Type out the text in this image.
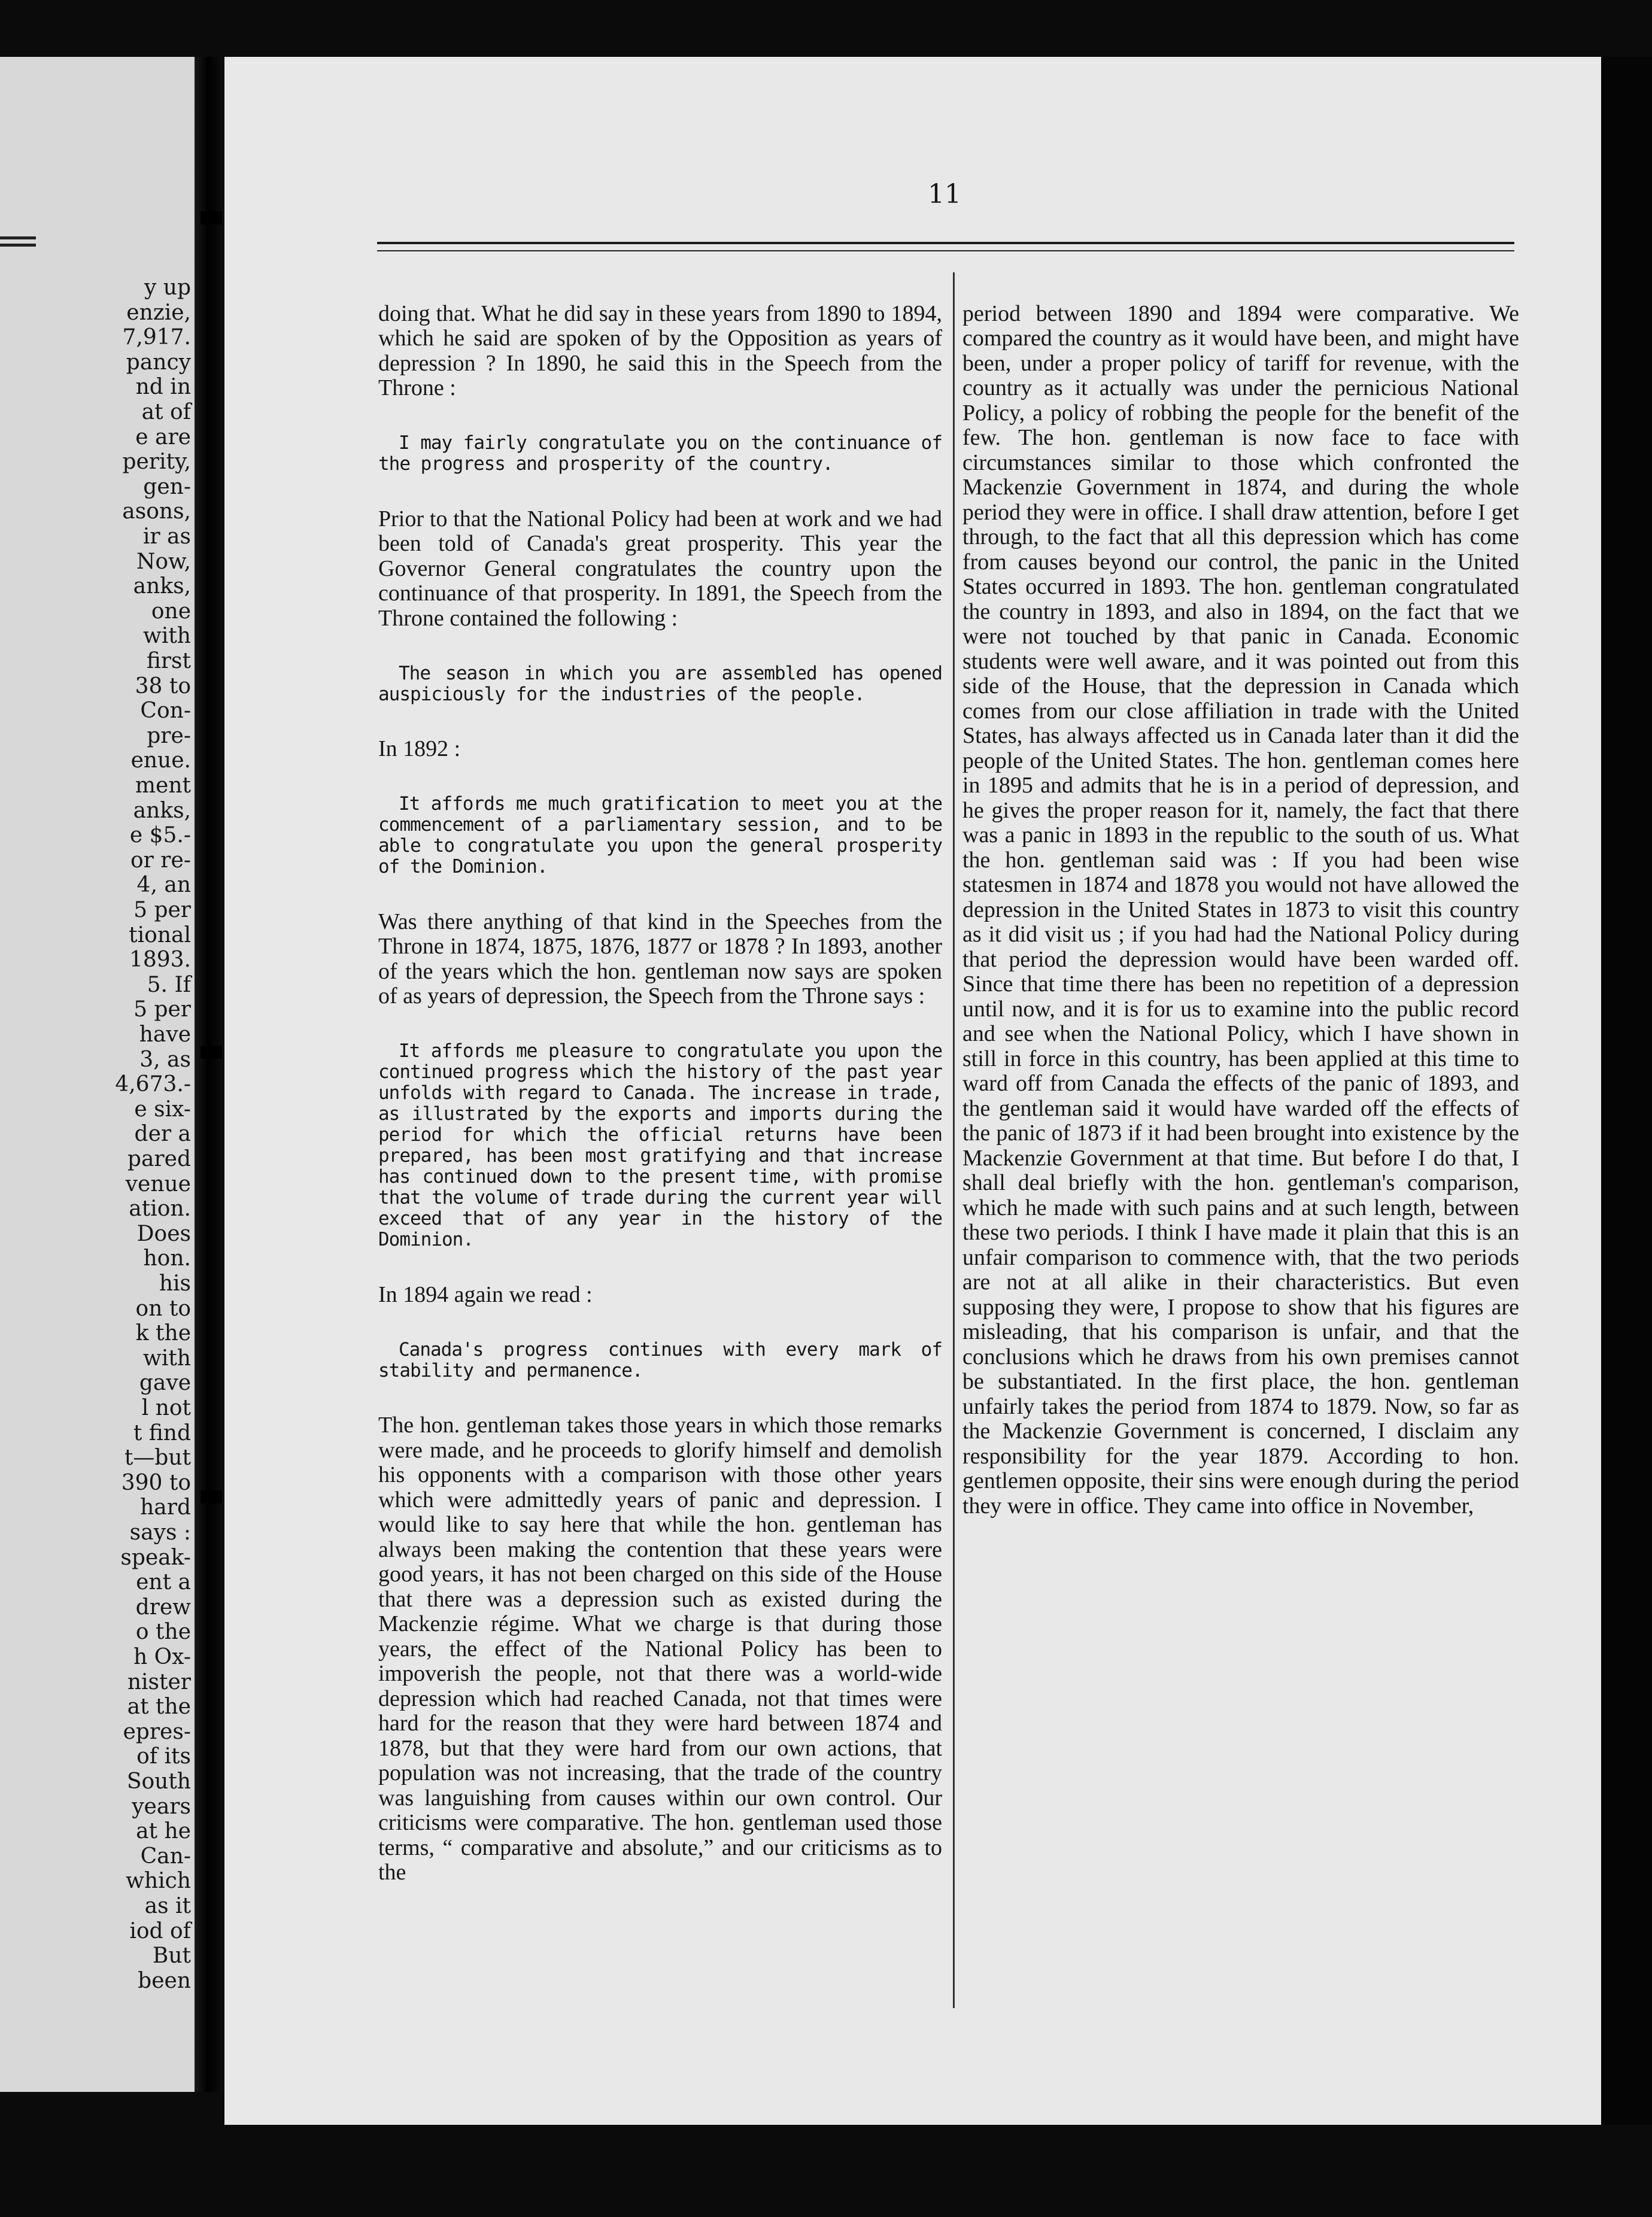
y up
enzie,
7,917.
pancy
nd in
at of
e are
perity,
gen-
asons,
ir as
Now,
anks,
one
with
first
38 to
Con-
pre-
enue.
ment
anks,
e $5.-
or re-
4, an
5 per
tional
1893.
5. If
5 per
have
3, as
4,673.-
e six-
der a
pared
venue
ation.
Does
hon.
his
on to
k the
with
gave
l not
t find
t—but
390 to
hard
says :
speak-
ent a
drew
o the
h Ox-
nister
at the
epres-
of its
South
years
at he
Can-
which
as it
iod of
But
been
11

doing that. What he did say in these years from 1890 to 1894, which he said are spoken of by the Opposition as years of depression ? In 1890, he said this in the Speech from the Throne :

I may fairly congratulate you on the continuance of the progress and prosperity of the country.

Prior to that the National Policy had been at work and we had been told of Canada's great prosperity. This year the Governor General congratulates the country upon the continuance of that prosperity. In 1891, the Speech from the Throne contained the following :

The season in which you are assembled has opened auspiciously for the industries of the people.

In 1892 :

It affords me much gratification to meet you at the commencement of a parliamentary session, and to be able to congratulate you upon the general prosperity of the Dominion.

Was there anything of that kind in the Speeches from the Throne in 1874, 1875, 1876, 1877 or 1878 ? In 1893, another of the years which the hon. gentleman now says are spoken of as years of depression, the Speech from the Throne says :

It affords me pleasure to congratulate you upon the continued progress which the history of the past year unfolds with regard to Canada. The increase in trade, as illustrated by the exports and imports during the period for which the official returns have been prepared, has been most gratifying and that increase has continued down to the present time, with promise that the volume of trade during the current year will exceed that of any year in the history of the Dominion.

In 1894 again we read :

Canada's progress continues with every mark of stability and permanence.

The hon. gentleman takes those years in which those remarks were made, and he proceeds to glorify himself and demolish his opponents with a comparison with those other years which were admittedly years of panic and depression. I would like to say here that while the hon. gentleman has always been making the contention that these years were good years, it has not been charged on this side of the House that there was a depression such as existed during the Mackenzie régime. What we charge is that during those years, the effect of the National Policy has been to impoverish the people, not that there was a world-wide depression which had reached Canada, not that times were hard for the reason that they were hard between 1874 and 1878, but that they were hard from our own actions, that population was not increasing, that the trade of the country was languishing from causes within our own control. Our criticisms were comparative. The hon. gentleman used those terms, “ comparative and absolute,” and our criticisms as to the

period between 1890 and 1894 were comparative. We compared the country as it would have been, and might have been, under a proper policy of tariff for revenue, with the country as it actually was under the pernicious National Policy, a policy of robbing the people for the benefit of the few. The hon. gentleman is now face to face with circumstances similar to those which confronted the Mackenzie Government in 1874, and during the whole period they were in office. I shall draw attention, before I get through, to the fact that all this depression which has come from causes beyond our control, the panic in the United States occurred in 1893. The hon. gentleman congratulated the country in 1893, and also in 1894, on the fact that we were not touched by that panic in Canada. Economic students were well aware, and it was pointed out from this side of the House, that the depression in Canada which comes from our close affiliation in trade with the United States, has always affected us in Canada later than it did the people of the United States. The hon. gentleman comes here in 1895 and admits that he is in a period of depression, and he gives the proper reason for it, namely, the fact that there was a panic in 1893 in the republic to the south of us. What the hon. gentleman said was : If you had been wise statesmen in 1874 and 1878 you would not have allowed the depression in the United States in 1873 to visit this country as it did visit us ; if you had had the National Policy during that period the depression would have been warded off. Since that time there has been no repetition of a depression until now, and it is for us to examine into the public record and see when the National Policy, which I have shown in still in force in this country, has been applied at this time to ward off from Canada the effects of the panic of 1893, and the gentleman said it would have warded off the effects of the panic of 1873 if it had been brought into existence by the Mackenzie Government at that time. But before I do that, I shall deal briefly with the hon. gentleman's comparison, which he made with such pains and at such length, between these two periods. I think I have made it plain that this is an unfair comparison to commence with, that the two periods are not at all alike in their characteristics. But even supposing they were, I propose to show that his figures are misleading, that his comparison is unfair, and that the conclusions which he draws from his own premises cannot be substantiated. In the first place, the hon. gentleman unfairly takes the period from 1874 to 1879. Now, so far as the Mackenzie Government is concerned, I disclaim any responsibility for the year 1879. According to hon. gentlemen opposite, their sins were enough during the period they were in office. They came into office in November,
